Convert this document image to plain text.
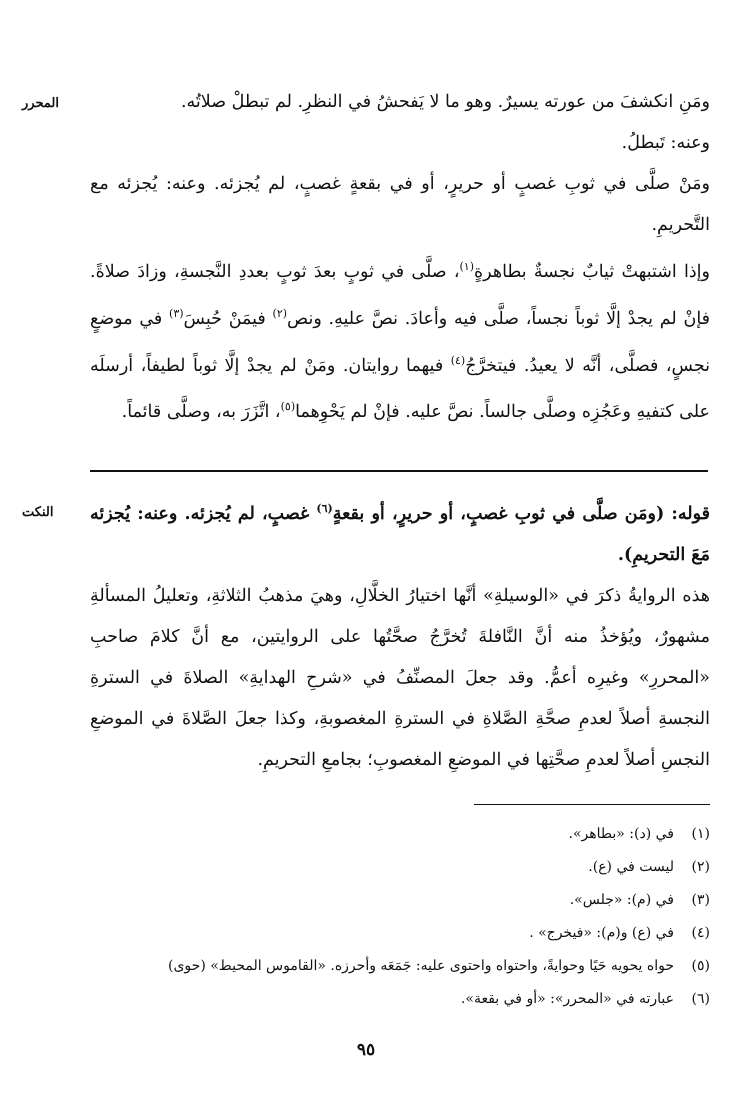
المحرر	ومَنِ انكشفَ من عورته يسيرٌ. وهو ما لا يَفحشُ في النظرِ. لم تبطلْ صلاتُه.

وعنه: تَبطلُ.

ومَنْ صلَّى في ثوبِ غصبٍ أو حريرٍ، أو في بقعةٍ غصبٍ، لم يُجزئه. وعنه: يُجزئه مع التَّحريمِ.

وإذا اشتبهتْ ثيابٌ نجسةٌ بطاهرةٍ$^{(١)}$، صلَّى في ثوبٍ بعدَ ثوبٍ بعددِ النَّجسةِ، وزادَ صلاةً. فإنْ لم يجدْ إلَّا ثوباً نجساً، صلَّى فيه وأعادَ. نصَّ عليهِ. ونص$^{(٢)}$ فيمَنْ حُبِسَ$^{(٣)}$ في موضعٍ نجسٍ، فصلَّى، أنَّه لا يعيدُ. فيتخرَّجُ$^{(٤)}$ فيهما روايتان. ومَنْ لم يجدْ إلَّا ثوباً لطيفاً، أرسلَه على كتفيهِ وعَجُزِه وصلَّى جالساً. نصَّ عليه. فإنْ لم يَحْوِهما$^{(٥)}$، اتَّزَرَ به، وصلَّى قائماً.

النكت	قوله: (ومَن صلَّى في ثوبِ غصبٍ، أو حريرٍ، أو بقعةٍ$^{(٦)}$ غصبٍ، لم يُجزئه. وعنه: يُجزئه مَعَ التحريمِ).

هذه الروايةُ ذكرَ في «الوسيلةِ» أنَّها اختيارُ الخلَّالِ، وهيَ مذهبُ الثلاثةِ، وتعليلُ المسألةِ مشهورٌ، ويُؤخذُ منه أنَّ النَّافلةَ تُخرَّجُ صحَّتُها على الروايتين، مع أنَّ كلامَ صاحبِ «المحررِ» وغيرِه أعمُّ. وقد جعلَ المصنِّفُ في «شرحِ الهدايةِ» الصلاةَ في السترةِ النجسةِ أصلاً لعدمِ صحَّةِ الصَّلاةِ في السترةِ المغصوبةِ، وكذا جعلَ الصَّلاةَ في الموضعِ النجسِ أصلاً لعدمِ صحَّتِها في الموضعِ المغصوبِ؛ بجامعِ التحريمِ.

(١)
في (د): «بطاهر».
(٢)
ليست في (ع).
(٣)
في (م): «جلس».
(٤)
في (ع) و(م): «فيخرج» .
(٥)
حواه يحويه حَيًا وحوايةً، واحتواه واحتوى عليه: جَمَعَه وأحرزه. «القاموس المحيط» (حوى)
(٦)
عبارته في «المحرر»: «أو في بقعة».
٩٥
